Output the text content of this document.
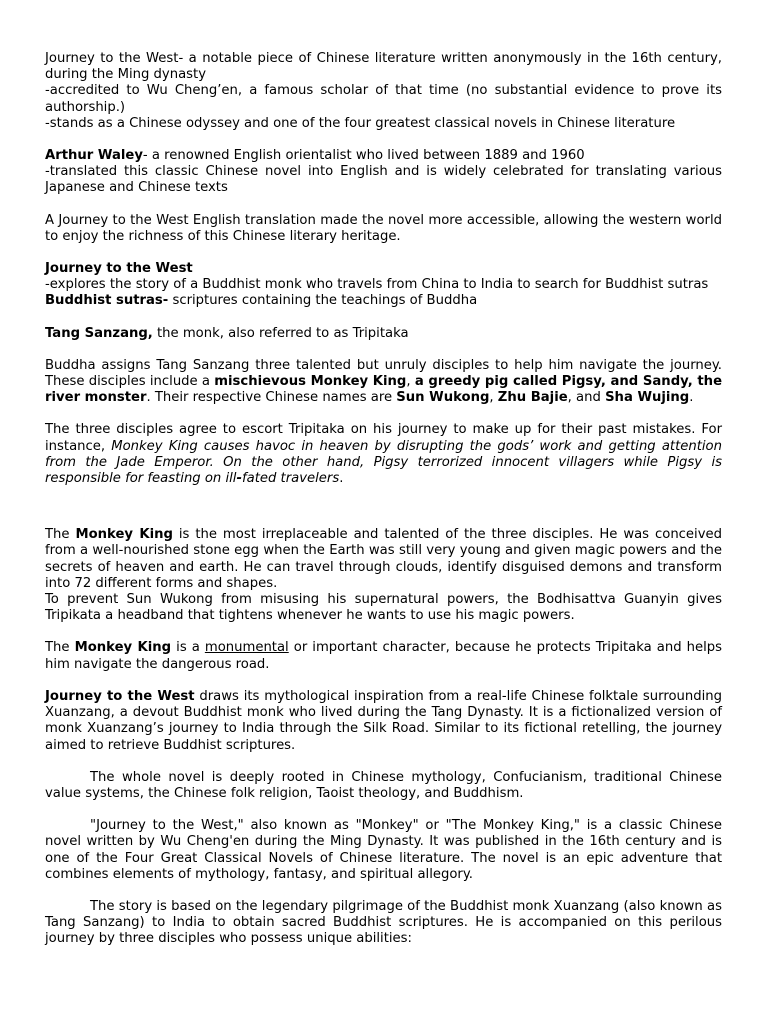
Journey to the West- a notable piece of Chinese literature written anonymously in the 16th century, during the Ming dynasty
-accredited to Wu Cheng’en, a famous scholar of that time (no substantial evidence to prove its authorship.)
-stands as a Chinese odyssey and one of the four greatest classical novels in Chinese literature

Arthur Waley- a renowned English orientalist who lived between 1889 and 1960
-translated this classic Chinese novel into English and is widely celebrated for translating various Japanese and Chinese texts

A Journey to the West English translation made the novel more accessible, allowing the western world to enjoy the richness of this Chinese literary heritage.

Journey to the West
-explores the story of a Buddhist monk who travels from China to India to search for Buddhist sutras
Buddhist sutras- scriptures containing the teachings of Buddha

Tang Sanzang, the monk, also referred to as Tripitaka

Buddha assigns Tang Sanzang three talented but unruly disciples to help him navigate the journey. These disciples include a mischievous Monkey King, a greedy pig called Pigsy, and Sandy, the river monster. Their respective Chinese names are Sun Wukong, Zhu Bajie, and Sha Wujing.

The three disciples agree to escort Tripitaka on his journey to make up for their past mistakes. For instance, Monkey King causes havoc in heaven by disrupting the gods’ work and getting attention from the Jade Emperor. On the other hand, Pigsy terrorized innocent villagers while Pigsy is responsible for feasting on ill-fated travelers.

The Monkey King is the most irreplaceable and talented of the three disciples. He was conceived from a well-nourished stone egg when the Earth was still very young and given magic powers and the secrets of heaven and earth. He can travel through clouds, identify disguised demons and transform into 72 different forms and shapes.
To prevent Sun Wukong from misusing his supernatural powers, the Bodhisattva Guanyin gives Tripikata a headband that tightens whenever he wants to use his magic powers.

The Monkey King is a monumental or important character, because he protects Tripitaka and helps him navigate the dangerous road.

Journey to the West draws its mythological inspiration from a real-life Chinese folktale surrounding Xuanzang, a devout Buddhist monk who lived during the Tang Dynasty. It is a fictionalized version of monk Xuanzang’s journey to India through the Silk Road. Similar to its fictional retelling, the journey aimed to retrieve Buddhist scriptures.

The whole novel is deeply rooted in Chinese mythology, Confucianism, traditional Chinese value systems, the Chinese folk religion, Taoist theology, and Buddhism.

"Journey to the West," also known as "Monkey" or "The Monkey King," is a classic Chinese novel written by Wu Cheng'en during the Ming Dynasty. It was published in the 16th century and is one of the Four Great Classical Novels of Chinese literature. The novel is an epic adventure that combines elements of mythology, fantasy, and spiritual allegory.

The story is based on the legendary pilgrimage of the Buddhist monk Xuanzang (also known as Tang Sanzang) to India to obtain sacred Buddhist scriptures. He is accompanied on this perilous journey by three disciples who possess unique abilities:
